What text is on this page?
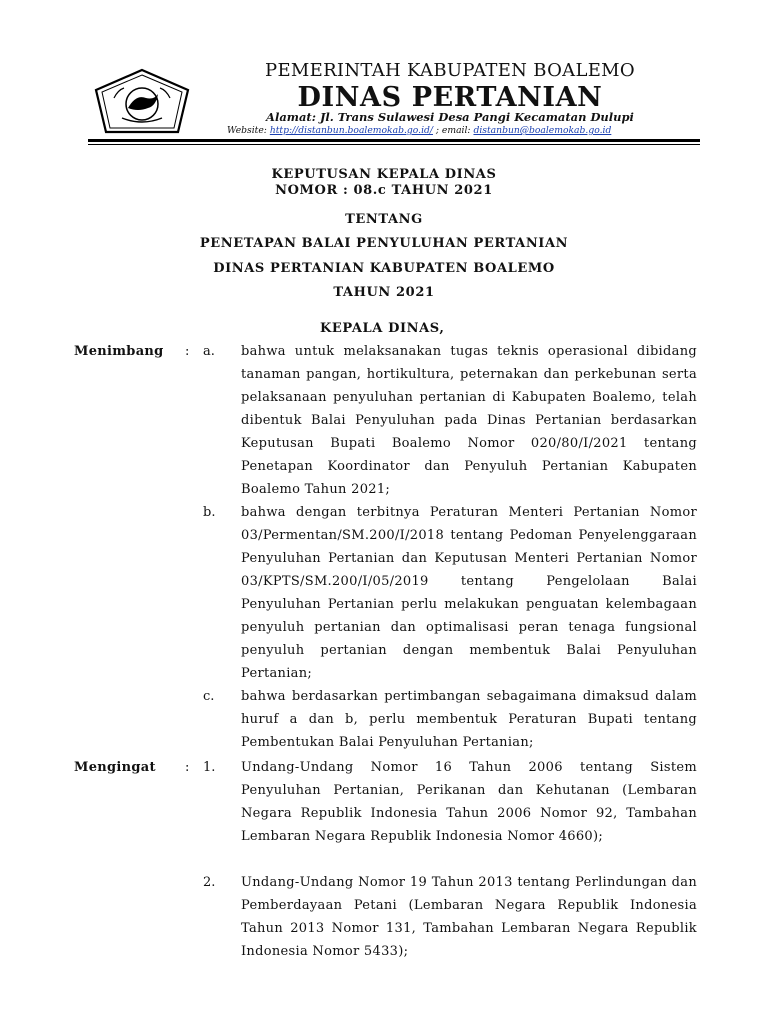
PEMERINTAH KABUPATEN BOALEMO
DINAS PERTANIAN
Alamat: Jl. Trans Sulawesi Desa Pangi Kecamatan Dulupi
Website: http://distanbun.boalemokab.go.id/ ; email: distanbun@boalemokab.go.id
KEPUTUSAN KEPALA DINAS
NOMOR : 08.c TAHUN 2021
TENTANG
PENETAPAN BALAI PENYULUHAN PERTANIAN
DINAS PERTANIAN KABUPATEN BOALEMO
TAHUN 2021
KEPALA DINAS,
Menimbang : a. bahwa untuk melaksanakan tugas teknis operasional dibidang tanaman pangan, hortikultura, peternakan dan perkebunan serta pelaksanaan penyuluhan pertanian di Kabupaten Boalemo, telah dibentuk Balai Penyuluhan pada Dinas Pertanian berdasarkan Keputusan Bupati Boalemo Nomor 020/80/I/2021 tentang Penetapan Koordinator dan Penyuluh Pertanian Kabupaten Boalemo Tahun 2021;
b. bahwa dengan terbitnya Peraturan Menteri Pertanian Nomor 03/Permentan/SM.200/I/2018 tentang Pedoman Penyelenggaraan Penyuluhan Pertanian dan Keputusan Menteri Pertanian Nomor 03/KPTS/SM.200/I/05/2019 tentang Pengelolaan Balai Penyuluhan Pertanian perlu melakukan penguatan kelembagaan penyuluh pertanian dan optimalisasi peran tenaga fungsional penyuluh pertanian dengan membentuk Balai Penyuluhan Pertanian;
c. bahwa berdasarkan pertimbangan sebagaimana dimaksud dalam huruf a dan b, perlu membentuk Peraturan Bupati tentang Pembentukan Balai Penyuluhan Pertanian;
Mengingat : 1. Undang-Undang Nomor 16 Tahun 2006 tentang Sistem Penyuluhan Pertanian, Perikanan dan Kehutanan (Lembaran Negara Republik Indonesia Tahun 2006 Nomor 92, Tambahan Lembaran Negara Republik Indonesia Nomor 4660);
2. Undang-Undang Nomor 19 Tahun 2013 tentang Perlindungan dan Pemberdayaan Petani (Lembaran Negara Republik Indonesia Tahun 2013 Nomor 131, Tambahan Lembaran Negara Republik Indonesia Nomor 5433);
